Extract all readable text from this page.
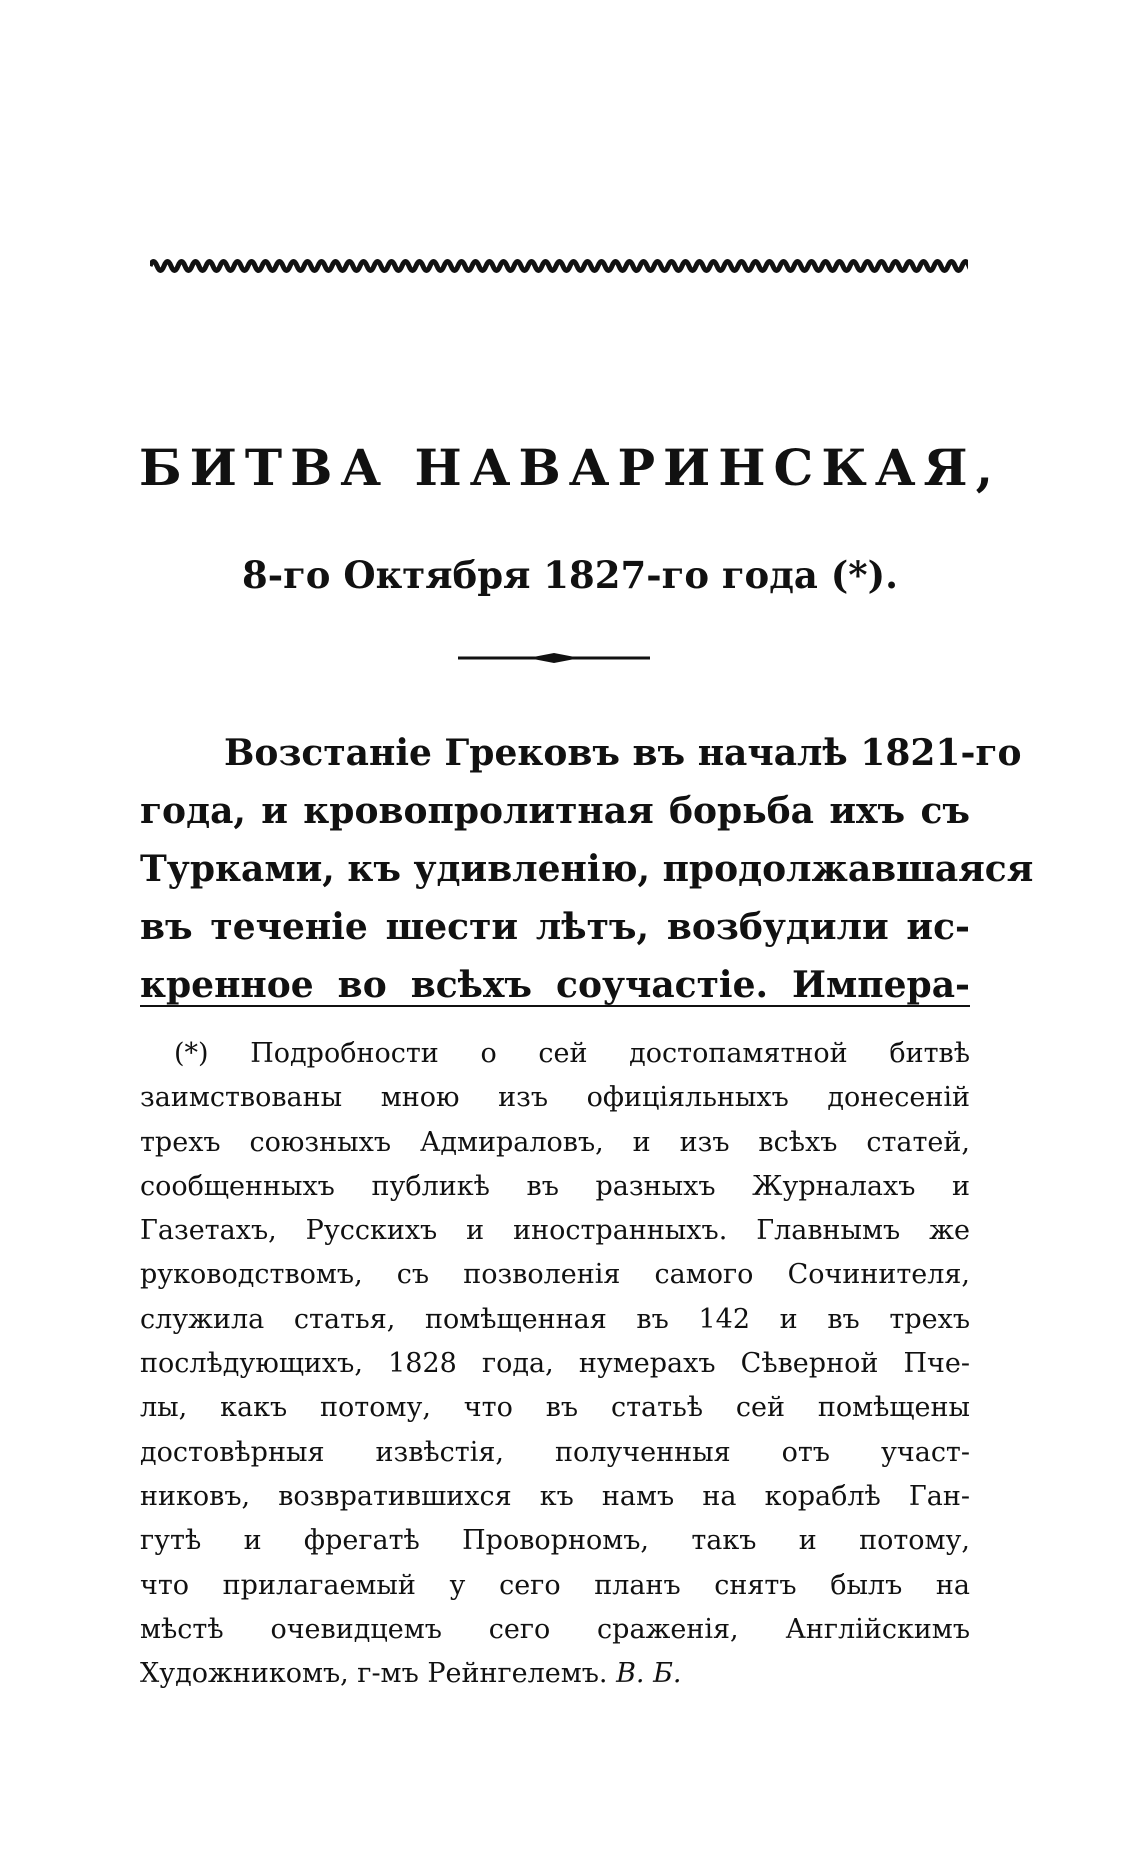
БИТВА НАВАРИНСКАЯ,
8-го Октября 1827-го года (*).
Возстаніе Грековъ въ началѣ 1821-го
года, и кровопролитная борьба ихъ съ
Турками, къ удивленію, продолжавшаяся
въ теченіе шести лѣтъ, возбудили ис-
кренное во всѣхъ соучастіе. Импера-
(*) Подробности о сей достопамятной битвѣ
заимствованы мною изъ офиціяльныхъ донесеній
трехъ союзныхъ Адмираловъ, и изъ всѣхъ статей,
сообщенныхъ публикѣ въ разныхъ Журналахъ и
Газетахъ, Русскихъ и иностранныхъ. Главнымъ же
руководствомъ, съ позволенія самого Сочинителя,
служила статья, помѣщенная въ 142 и въ трехъ
послѣдующихъ, 1828 года, нумерахъ Сѣверной Пче-
лы, какъ потому, что въ статьѣ сей помѣщены
достовѣрныя извѣстія, полученныя отъ участ-
никовъ, возвратившихся къ намъ на кораблѣ Ган-
гутѣ и фрегатѣ Проворномъ, такъ и потому,
что прилагаемый у сего планъ снятъ былъ на
мѣстѣ очевидцемъ сего сраженія, Англійскимъ
Художникомъ, г-мъ Рейнгелемъ. В. Б.
